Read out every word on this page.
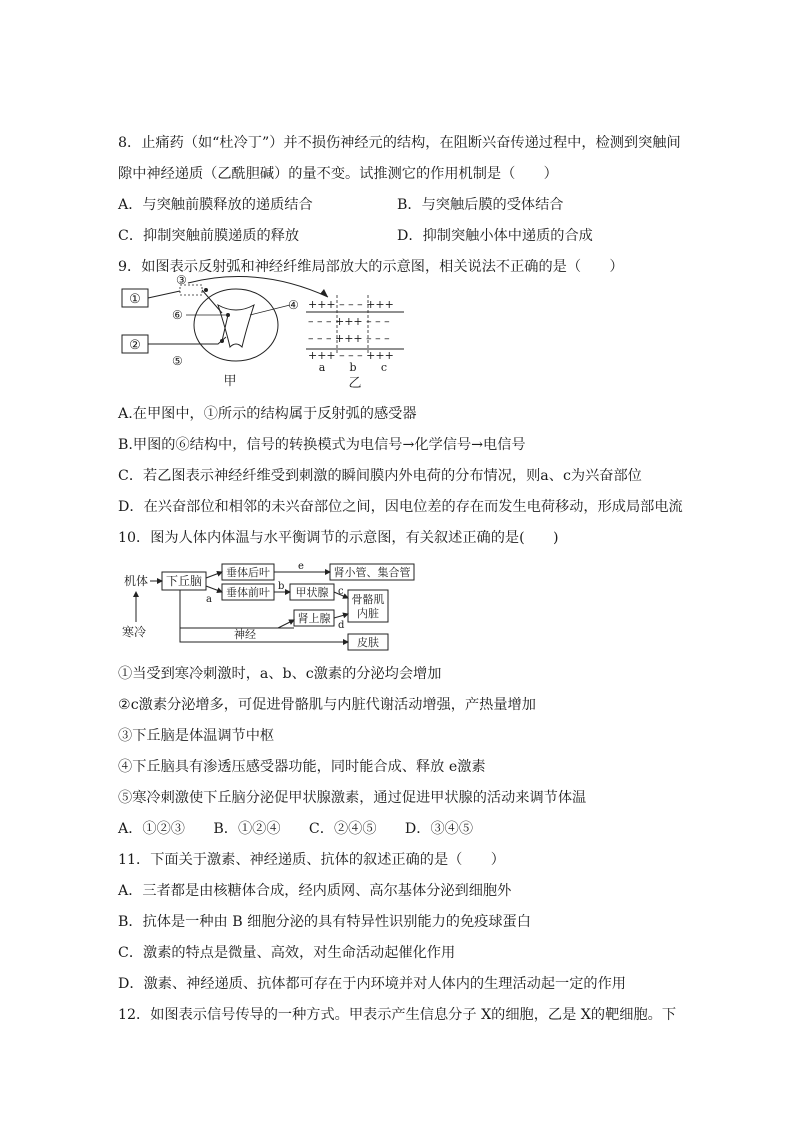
8．止痛药（如“杜冷丁”）并不损伤神经元的结构，在阻断兴奋传递过程中，检测到突触间
隙中神经递质（乙酰胆碱）的量不变。试推测它的作用机制是（　　）
A．与突触前膜释放的递质结合	B．与突触后膜的受体结合
C．抑制突触前膜递质的释放	D．抑制突触小体中递质的合成
9．如图表示反射弧和神经纤维局部放大的示意图，相关说法不正确的是（　　）
①
②
③
④
⑤
⑥
甲
+++ – – – +++
– – – +++ – – –
– – – +++ – – –
+++ – – – +++
a b c
乙
A.在甲图中，①所示的结构属于反射弧的感受器
B.甲图的⑥结构中，信号的转换模式为电信号→化学信号→电信号
C．若乙图表示神经纤维受到刺激的瞬间膜内外电荷的分布情况，则a、c为兴奋部位
D．在兴奋部位和相邻的未兴奋部位之间，因电位差的存在而发生电荷移动，形成局部电流
10．图为人体内体温与水平衡调节的示意图，有关叙述正确的是(　　)
机体
寒冷
下丘脑
垂体后叶
垂体前叶
a
肾小管、集合管
e
甲状腺
b
肾上腺
骨骼肌
内脏
c
d
神经
皮肤
①当受到寒冷刺激时，a、b、c激素的分泌均会增加
②c激素分泌增多，可促进骨骼肌与内脏代谢活动增强，产热量增加
③下丘脑是体温调节中枢
④下丘脑具有渗透压感受器功能，同时能合成、释放 e激素
⑤寒冷刺激使下丘脑分泌促甲状腺激素，通过促进甲状腺的活动来调节体温
A．①②③　　B．①②④　　C．②④⑤　　D．③④⑤
11．下面关于激素、神经递质、抗体的叙述正确的是（　　）
A．三者都是由核糖体合成，经内质网、高尔基体分泌到细胞外
B．抗体是一种由 B 细胞分泌的具有特异性识别能力的免疫球蛋白
C．激素的特点是微量、高效，对生命活动起催化作用
D．激素、神经递质、抗体都可存在于内环境并对人体内的生理活动起一定的作用
12．如图表示信号传导的一种方式。甲表示产生信息分子 X的细胞，乙是 X的靶细胞。下
